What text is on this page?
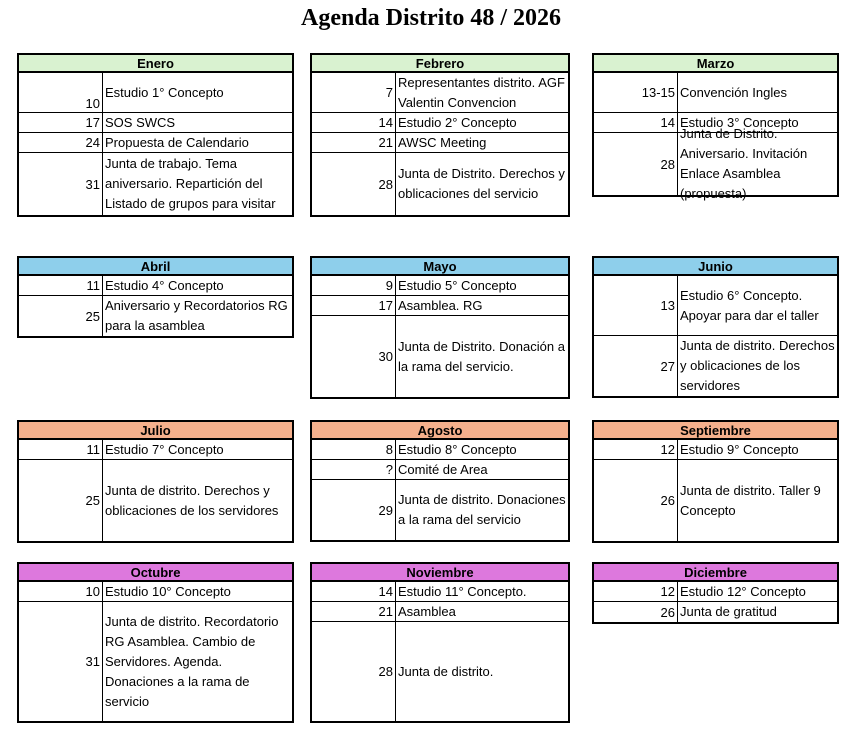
Agenda Distrito 48 / 2026
Enero
10
Estudio 1° Concepto
17 SOS SWCS
24 Propuesta de Calendario
31
Junta de trabajo. Tema aniversario. Repartición del Listado de grupos para visitar
Febrero
7
Representantes distrito. AGF Valentin Convencion
14 Estudio 2° Concepto
21 AWSC Meeting
28
Junta de Distrito. Derechos y oblicaciones del servicio
Marzo
13-15 Convención Ingles
14 Estudio 3° Concepto
28
Junta de Distrito. Aniversario. Invitación Enlace Asamblea (propuesta)
Abril
11 Estudio 4° Concepto
25
Aniversario y Recordatorios RG para la asamblea
Mayo
9 Estudio 5° Concepto
17 Asamblea. RG
30
Junta de Distrito. Donación a la rama del servicio.
Junio
13
Estudio 6° Concepto. Apoyar para dar el taller
27
Junta de distrito. Derechos y oblicaciones de los servidores
Julio
11 Estudio 7° Concepto
25
Junta de distrito. Derechos y oblicaciones de los servidores
Agosto
8 Estudio 8° Concepto
? Comité de Area
29
Junta de distrito. Donaciones a la rama del servicio
Septiembre
12 Estudio 9° Concepto
26
Junta de distrito. Taller 9 Concepto
Octubre
10 Estudio 10° Concepto
31
Junta de distrito. Recordatorio RG Asamblea. Cambio de Servidores. Agenda. Donaciones a la rama de servicio
Noviembre
14 Estudio 11° Concepto.
21 Asamblea
28 Junta de distrito.
Diciembre
12 Estudio 12° Concepto
26 Junta de gratitud
